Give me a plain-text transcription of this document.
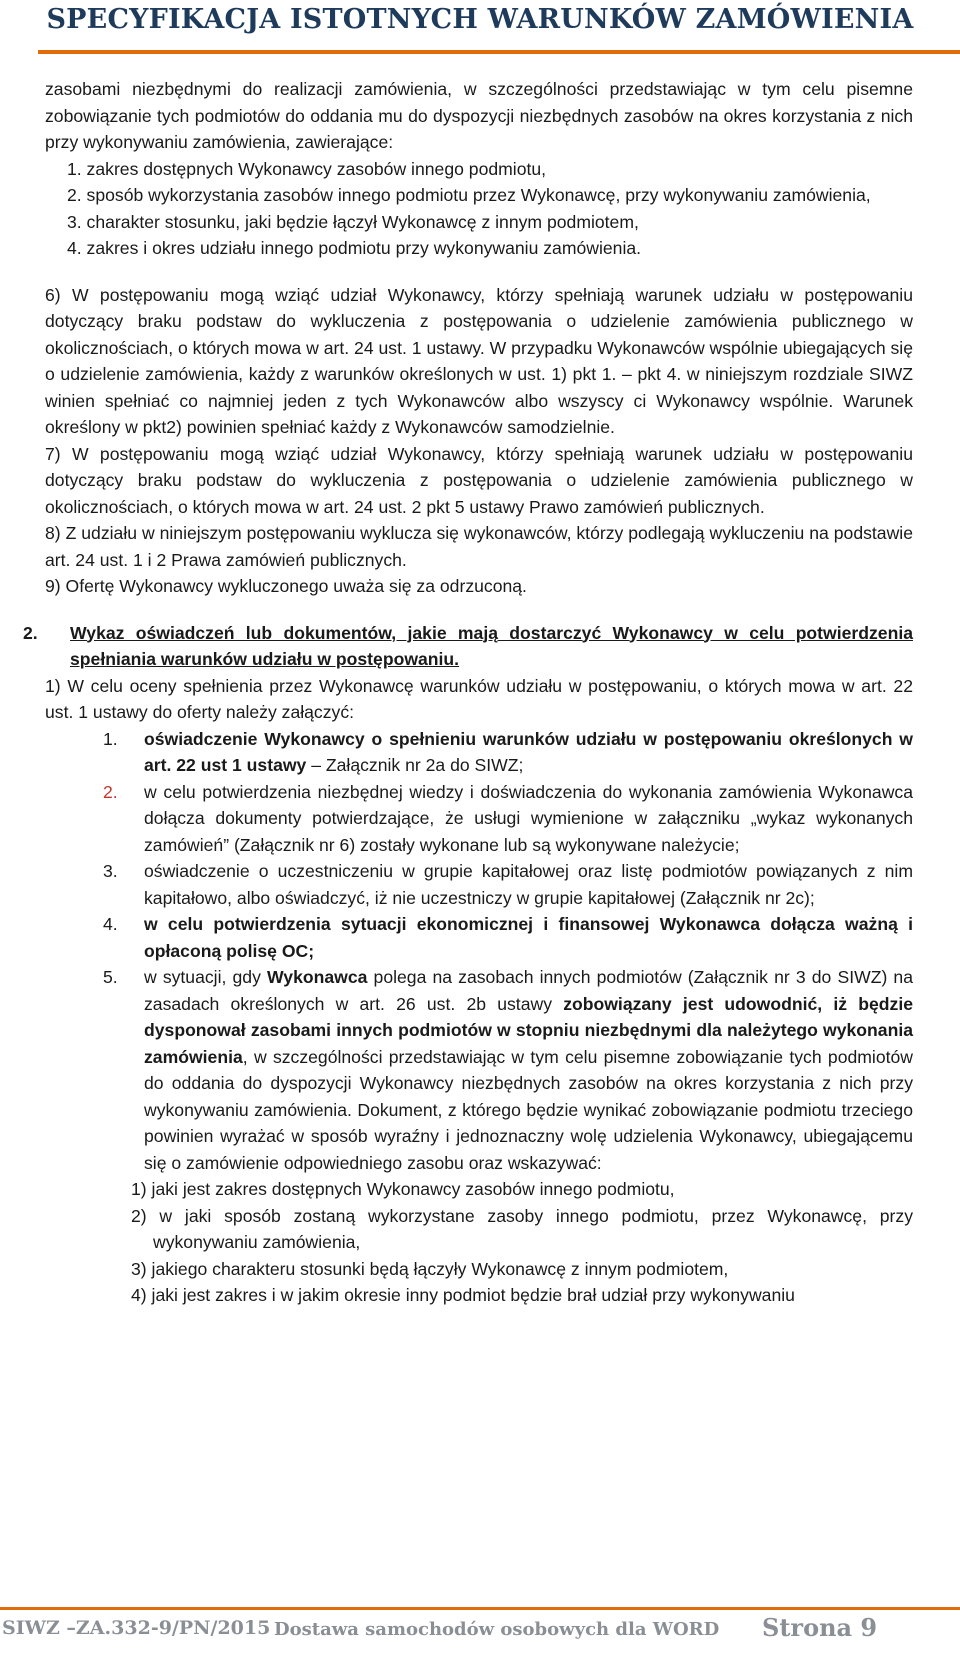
SPECYFIKACJA ISTOTNYCH WARUNKÓW ZAMÓWIENIA

zasobami niezbędnymi do realizacji zamówienia, w szczególności przedstawiając w tym celu pisemne zobowiązanie tych podmiotów do oddania mu do dyspozycji niezbędnych zasobów na okres korzystania z nich przy wykonywaniu zamówienia, zawierające:

1. zakres dostępnych Wykonawcy zasobów innego podmiotu,

2. sposób wykorzystania zasobów innego podmiotu przez Wykonawcę, przy wykonywaniu zamówienia,

3. charakter stosunku, jaki będzie łączył Wykonawcę z innym podmiotem,

4. zakres i okres udziału innego podmiotu przy wykonywaniu zamówienia.

6) W postępowaniu mogą wziąć udział Wykonawcy, którzy spełniają warunek udziału w postępowaniu dotyczący braku podstaw do wykluczenia z postępowania o udzielenie zamówienia publicznego w okolicznościach, o których mowa w art. 24 ust. 1 ustawy. W przypadku Wykonawców wspólnie ubiegających się o udzielenie zamówienia, każdy z warunków określonych w ust. 1) pkt 1. – pkt 4. w niniejszym rozdziale SIWZ winien spełniać co najmniej jeden z tych Wykonawców albo wszyscy ci Wykonawcy wspólnie. Warunek określony w pkt2) powinien spełniać każdy z Wykonawców samodzielnie.

7) W postępowaniu mogą wziąć udział Wykonawcy, którzy spełniają warunek udziału w postępowaniu dotyczący braku podstaw do wykluczenia z postępowania o udzielenie zamówienia publicznego w okolicznościach, o których mowa w art. 24 ust. 2 pkt 5 ustawy Prawo zamówień publicznych.

8) Z udziału w niniejszym postępowaniu wyklucza się wykonawców, którzy podlegają wykluczeniu na podstawie art. 24 ust. 1 i 2 Prawa zamówień publicznych.

9) Ofertę Wykonawcy wykluczonego uważa się za odrzuconą.

2. Wykaz oświadczeń lub dokumentów, jakie mają dostarczyć Wykonawcy w celu potwierdzenia spełniania warunków udziału w postępowaniu.

1) W celu oceny spełnienia przez Wykonawcę warunków udziału w postępowaniu, o których mowa w art. 22 ust. 1 ustawy do oferty należy załączyć:

1. oświadczenie Wykonawcy o spełnieniu warunków udziału w postępowaniu określonych w art. 22 ust 1 ustawy – Załącznik nr 2a do SIWZ;
2. w celu potwierdzenia niezbędnej wiedzy i doświadczenia do wykonania zamówienia Wykonawca dołącza dokumenty potwierdzające, że usługi wymienione w załączniku „wykaz wykonanych zamówień” (Załącznik nr 6) zostały wykonane lub są wykonywane należycie;
3. oświadczenie o uczestniczeniu w grupie kapitałowej oraz listę podmiotów powiązanych z nim kapitałowo, albo oświadczyć, iż nie uczestniczy w grupie kapitałowej (Załącznik nr 2c);
4. w celu potwierdzenia sytuacji ekonomicznej i finansowej Wykonawca dołącza ważną i opłaconą polisę OC;
5. w sytuacji, gdy Wykonawca polega na zasobach innych podmiotów (Załącznik nr 3 do SIWZ) na zasadach określonych w art. 26 ust. 2b ustawy zobowiązany jest udowodnić, iż będzie dysponował zasobami innych podmiotów w stopniu niezbędnymi dla należytego wykonania zamówienia, w szczególności przedstawiając w tym celu pisemne zobowiązanie tych podmiotów do oddania do dyspozycji Wykonawcy niezbędnych zasobów na okres korzystania z nich przy wykonywaniu zamówienia. Dokument, z którego będzie wynikać zobowiązanie podmiotu trzeciego powinien wyrażać w sposób wyraźny i jednoznaczny wolę udzielenia Wykonawcy, ubiegającemu się o zamówienie odpowiedniego zasobu oraz wskazywać:

1) jaki jest zakres dostępnych Wykonawcy zasobów innego podmiotu,

2) w jaki sposób zostaną wykorzystane zasoby innego podmiotu, przez Wykonawcę, przy wykonywaniu zamówienia,

3) jakiego charakteru stosunki będą łączyły Wykonawcę z innym podmiotem,

4) jaki jest zakres i w jakim okresie inny podmiot będzie brał udział przy wykonywaniu

SIWZ –ZA.332-9/PN/2015 Dostawa samochodów osobowych dla WORD Strona 9
